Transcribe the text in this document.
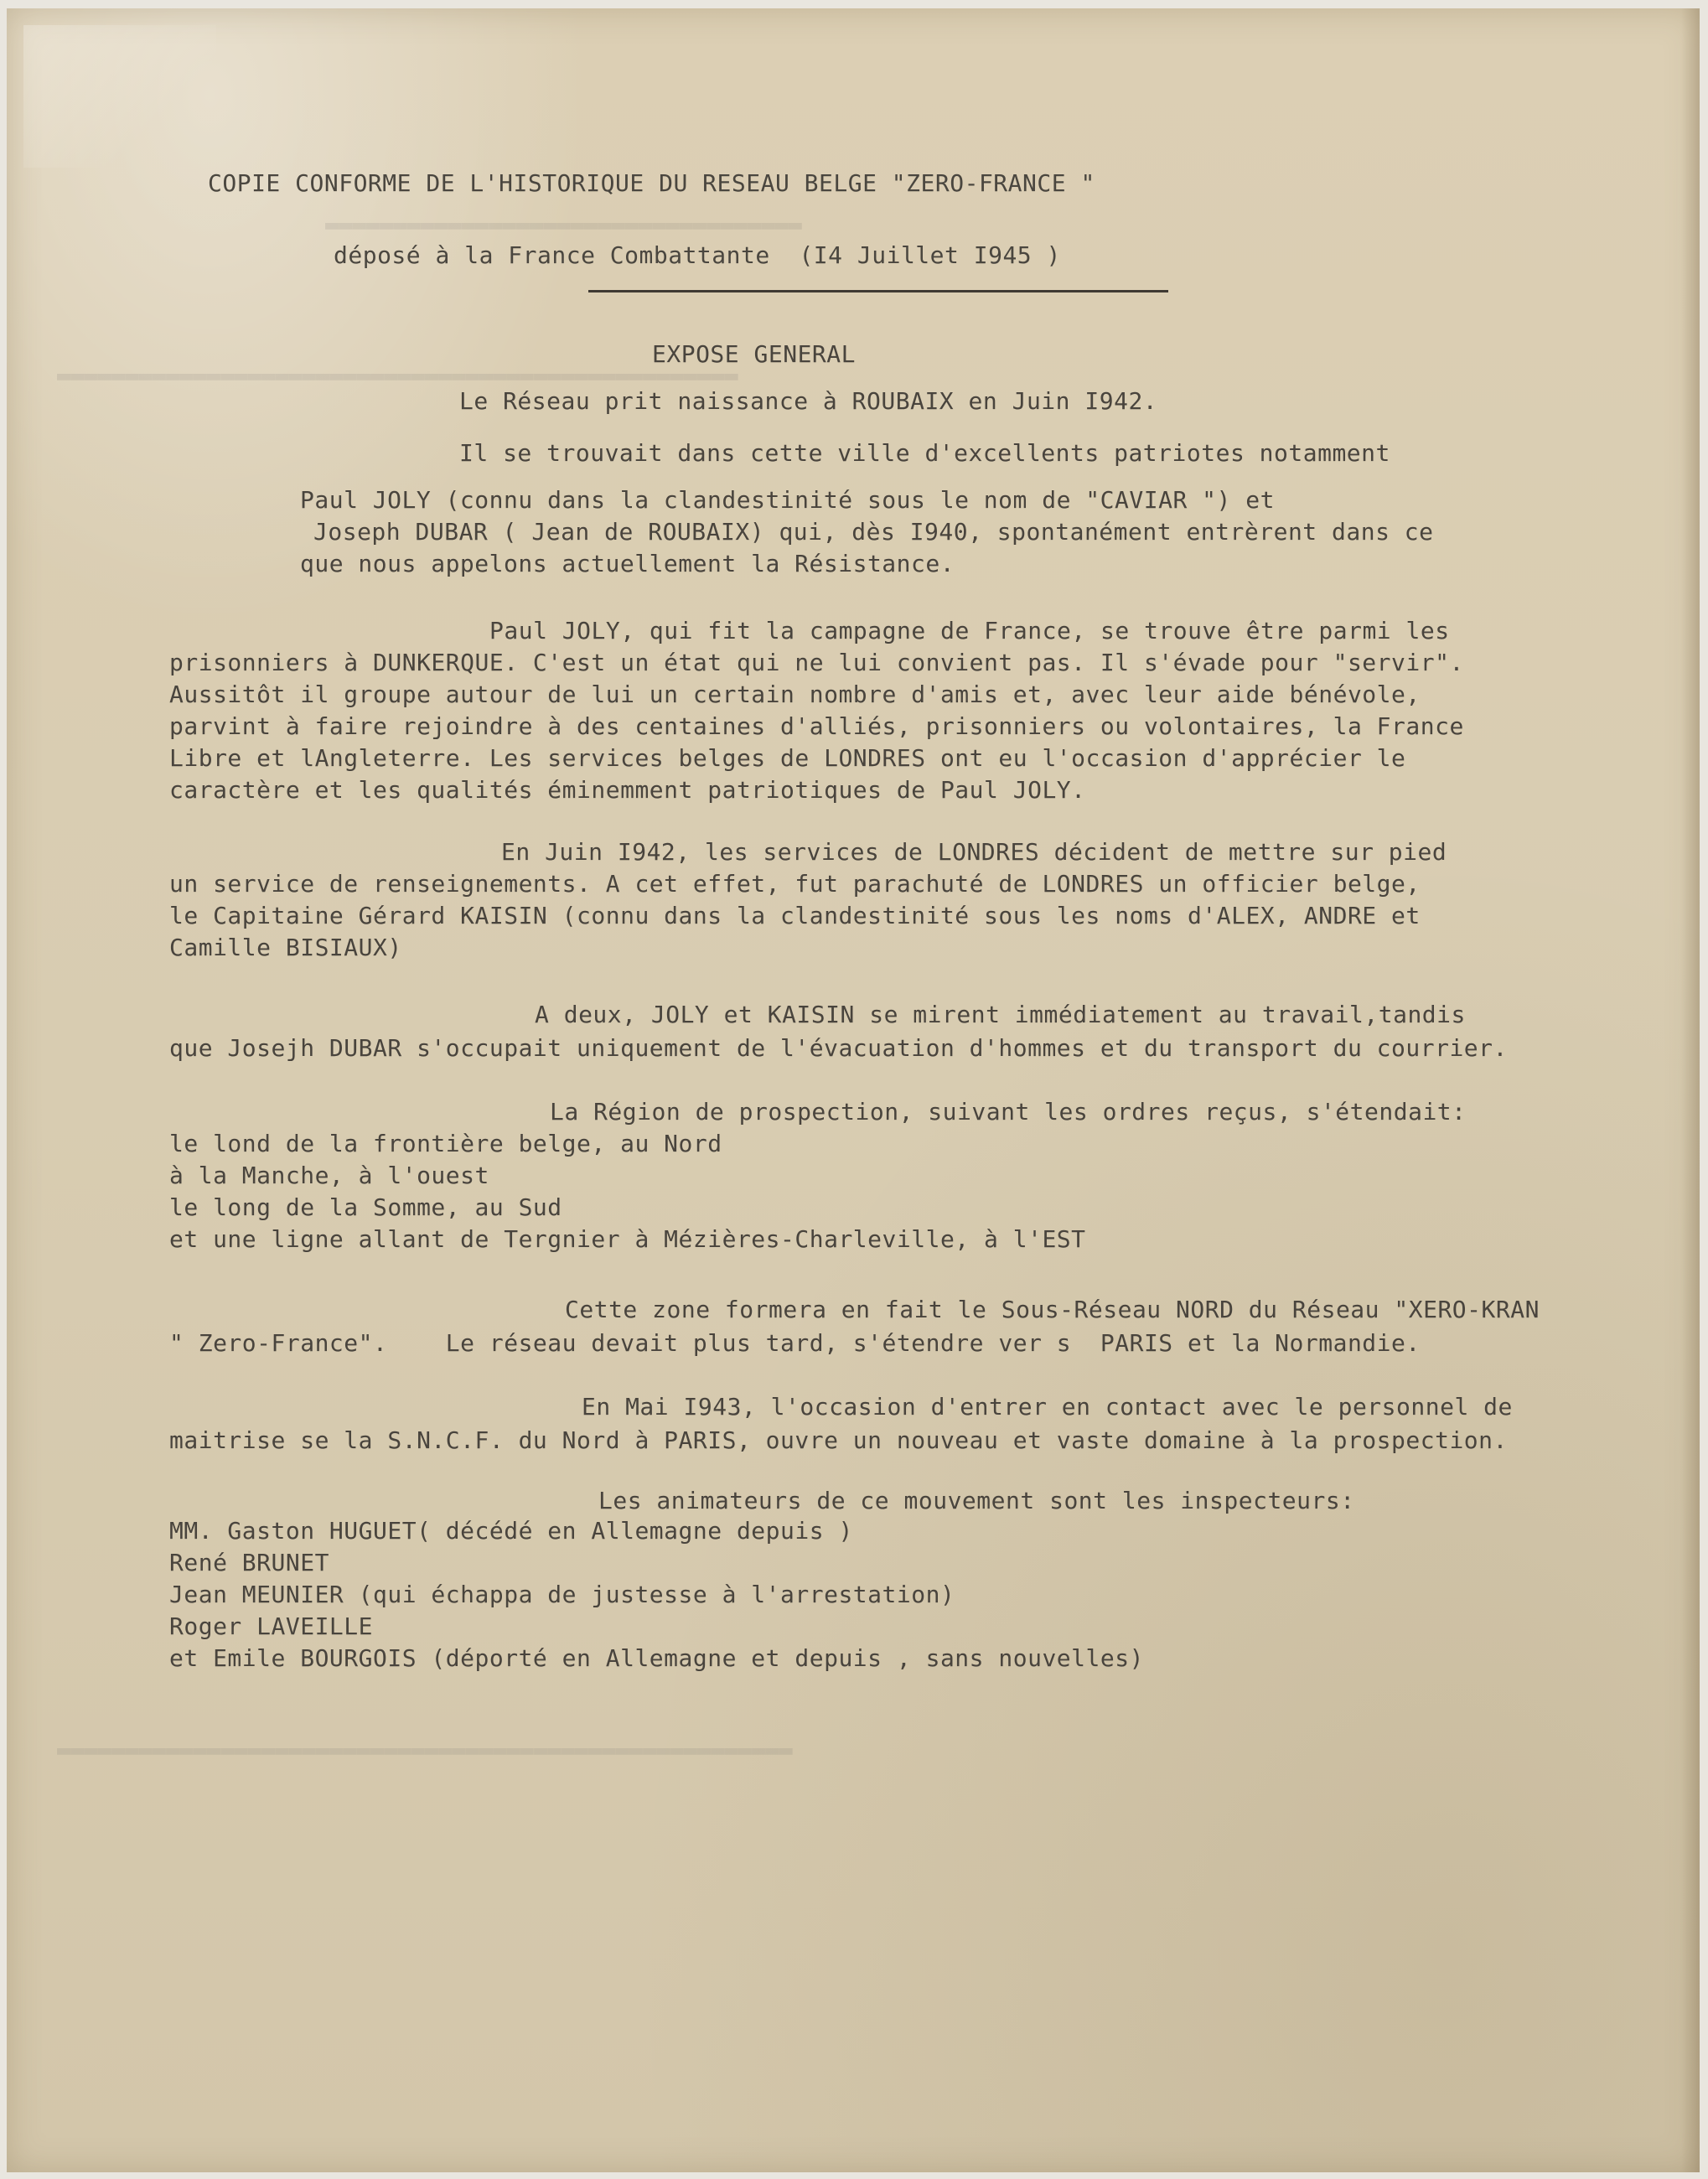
▬▬▬▬▬▬▬▬▬▬▬▬▬▬▬▬▬▬▬▬▬▬▬▬▬▬▬▬▬▬▬▬▬▬▬
▬▬▬▬▬▬▬▬▬▬▬▬▬▬▬▬▬▬▬▬▬▬▬▬▬▬▬▬▬▬▬▬▬▬▬▬▬▬▬▬▬▬▬▬▬▬▬▬▬▬
▬▬▬▬▬▬▬▬▬▬▬▬▬▬▬▬▬▬▬▬▬▬▬▬▬▬▬▬▬▬▬▬▬▬▬▬▬▬▬▬▬▬▬▬▬▬▬▬▬▬▬▬▬▬

COPIE CONFORME DE L'HISTORIQUE DU RESEAU BELGE "ZERO-FRANCE "

déposé à la France Combattante  (I4 Juillet I945 )

EXPOSE GENERAL

Le Réseau prit naissance à ROUBAIX en Juin I942.

Il se trouvait dans cette ville d'excellents patriotes notamment

Paul JOLY (connu dans la clandestinité sous le nom de "CAVIAR ") et

Joseph DUBAR ( Jean de ROUBAIX) qui, dès I940, spontanément entrèrent dans ce

que nous appelons actuellement la Résistance.

Paul JOLY, qui fit la campagne de France, se trouve être parmi les

prisonniers à DUNKERQUE. C'est un état qui ne lui convient pas. Il s'évade pour "servir".

Aussitôt il groupe autour de lui un certain nombre d'amis et, avec leur aide bénévole,

parvint à faire rejoindre à des centaines d'alliés, prisonniers ou volontaires, la France

Libre et lAngleterre. Les services belges de LONDRES ont eu l'occasion d'apprécier le

caractère et les qualités éminemment patriotiques de Paul JOLY.

En Juin I942, les services de LONDRES décident de mettre sur pied

un service de renseignements. A cet effet, fut parachuté de LONDRES un officier belge,

le Capitaine Gérard KAISIN (connu dans la clandestinité sous les noms d'ALEX, ANDRE et

Camille BISIAUX)

A deux, JOLY et KAISIN se mirent immédiatement au travail,tandis

que Josejh DUBAR s'occupait uniquement de l'évacuation d'hommes et du transport du courrier.

La Région de prospection, suivant les ordres reçus, s'étendait:

le lond de la frontière belge, au Nord

à la Manche, à l'ouest

le long de la Somme, au Sud

et une ligne allant de Tergnier à Mézières-Charleville, à l'EST

Cette zone formera en fait le Sous-Réseau NORD du Réseau "XERO-KRAN

" Zero-France".    Le réseau devait plus tard, s'étendre ver s  PARIS et la Normandie.

En Mai I943, l'occasion d'entrer en contact avec le personnel de

maitrise se la S.N.C.F. du Nord à PARIS, ouvre un nouveau et vaste domaine à la prospection.

Les animateurs de ce mouvement sont les inspecteurs:

MM. Gaston HUGUET( décédé en Allemagne depuis )

René BRUNET

Jean MEUNIER (qui échappa de justesse à l'arrestation)

Roger LAVEILLE

et Emile BOURGOIS (déporté en Allemagne et depuis , sans nouvelles)
